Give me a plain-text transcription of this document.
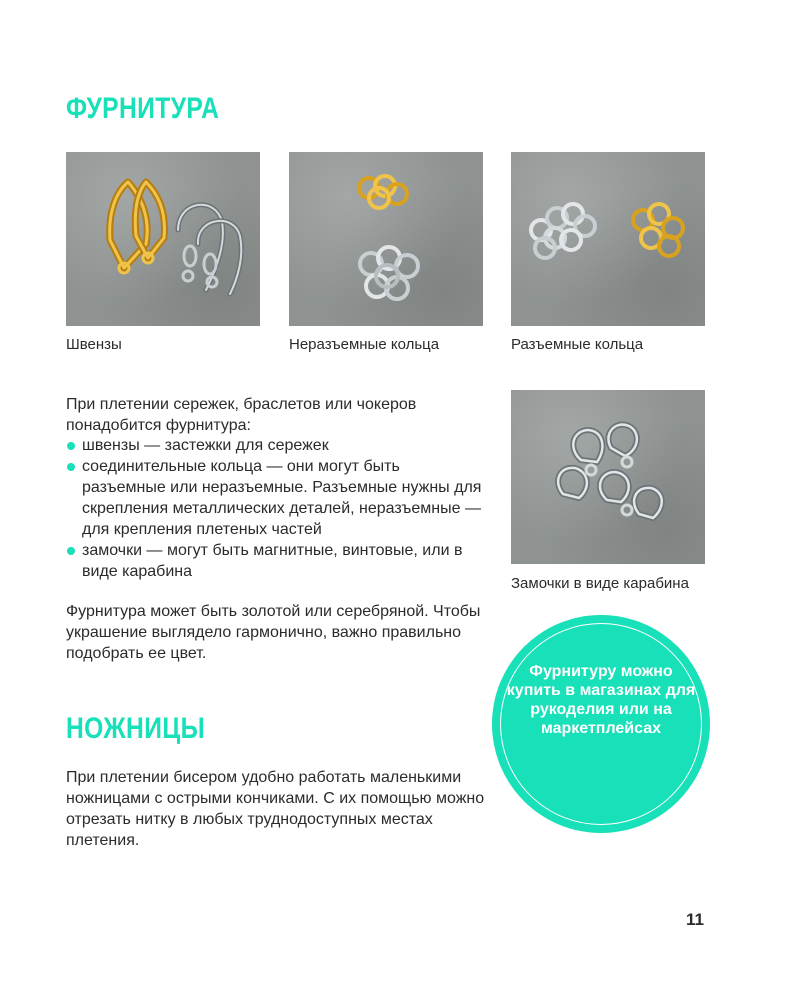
ФУРНИТУРА

Швензы	Неразъемные кольца	Разъемные кольца

При плетении сережек, браслетов или чокеров понадобится фурнитура:

швензы — застежки для сережек
соединительные кольца — они могут быть разъемные или неразъемные. Разъемные нужны для скрепления металлических деталей, неразъемные — для крепления плетеных частей
замочки — могут быть магнитные, винтовые, или в виде карабина

Замочки в виде карабина

Фурнитура может быть золотой или серебряной. Чтобы украшение выглядело гармонично, важно правильно подобрать ее цвет.

Фурнитуру можно купить в магазинах для рукоделия или на маркетплейсах

НОЖНИЦЫ

При плетении бисером удобно работать маленькими ножницами с острыми кончиками. С их помощью можно отрезать нитку в любых труднодоступных местах плетения.

11
